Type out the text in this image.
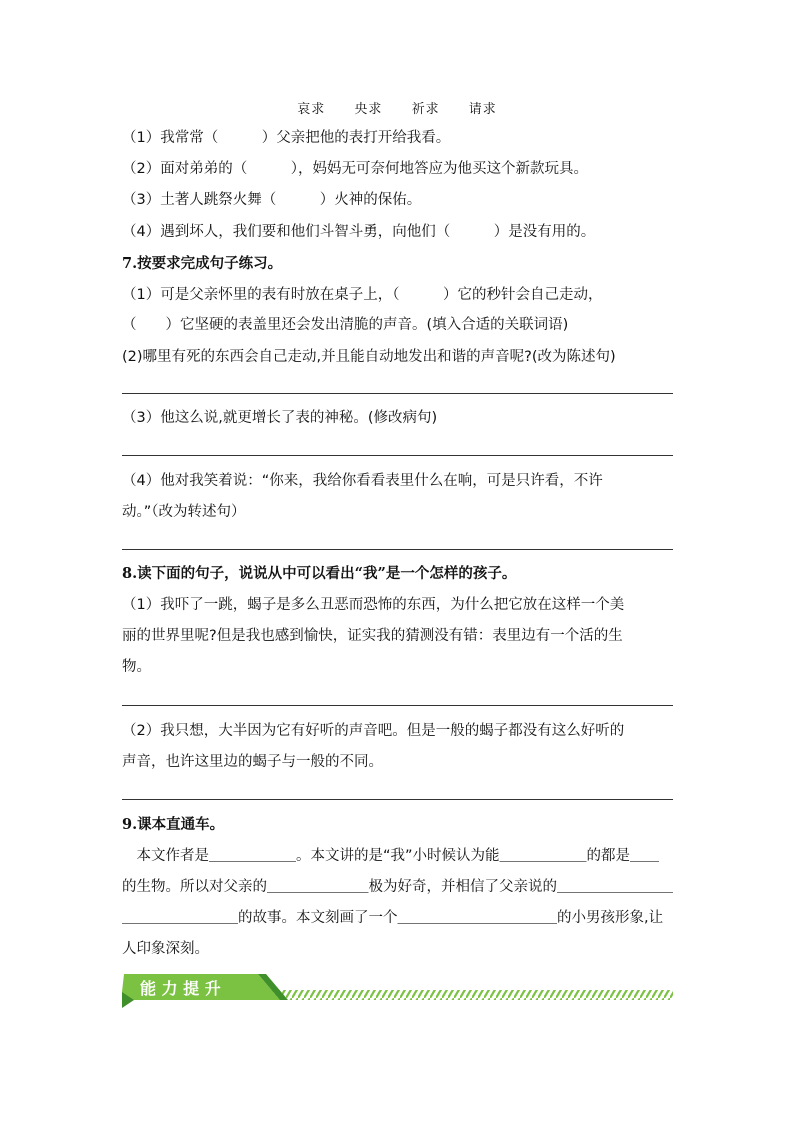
哀求 央求 祈求 请求
（1）我常常（　　　）父亲把他的表打开给我看。
（2）面对弟弟的（　　　），妈妈无可奈何地答应为他买这个新款玩具。
（3）土著人跳祭火舞（　　　）火神的保佑。
（4）遇到坏人，我们要和他们斗智斗勇，向他们（　　　）是没有用的。
7.按要求完成句子练习。
（1）可是父亲怀里的表有时放在桌子上，（　　　）它的秒针会自己走动，
（　　）它坚硬的表盖里还会发出清脆的声音。(填入合适的关联词语)
(2)哪里有死的东西会自己走动,并且能自动地发出和谐的声音呢?(改为陈述句)
（3）他这么说,就更增长了表的神秘。(修改病句)
（4）他对我笑着说：“你来，我给你看看表里什么在响，可是只许看，不许
动。”（改为转述句）
8.读下面的句子，说说从中可以看出“我”是一个怎样的孩子。
（1）我吓了一跳，蝎子是多么丑恶而恐怖的东西，为什么把它放在这样一个美
丽的世界里呢?但是我也感到愉快，证实我的猜测没有错：表里边有一个活的生
物。
（2）我只想，大半因为它有好听的声音吧。但是一般的蝎子都没有这么好听的
声音，也许这里边的蝎子与一般的不同。
9.课本直通车。
　本文作者是＿＿＿＿＿＿。本文讲的是“我”小时候认为能＿＿＿＿＿＿的都是＿＿
的生物。所以对父亲的＿＿＿＿＿＿＿极为好奇，并相信了父亲说的＿＿＿＿＿＿＿＿
＿＿＿＿＿＿＿＿的故事。本文刻画了一个＿＿＿＿＿＿＿＿＿＿＿的小男孩形象,让
人印象深刻。
能 力 提 升
